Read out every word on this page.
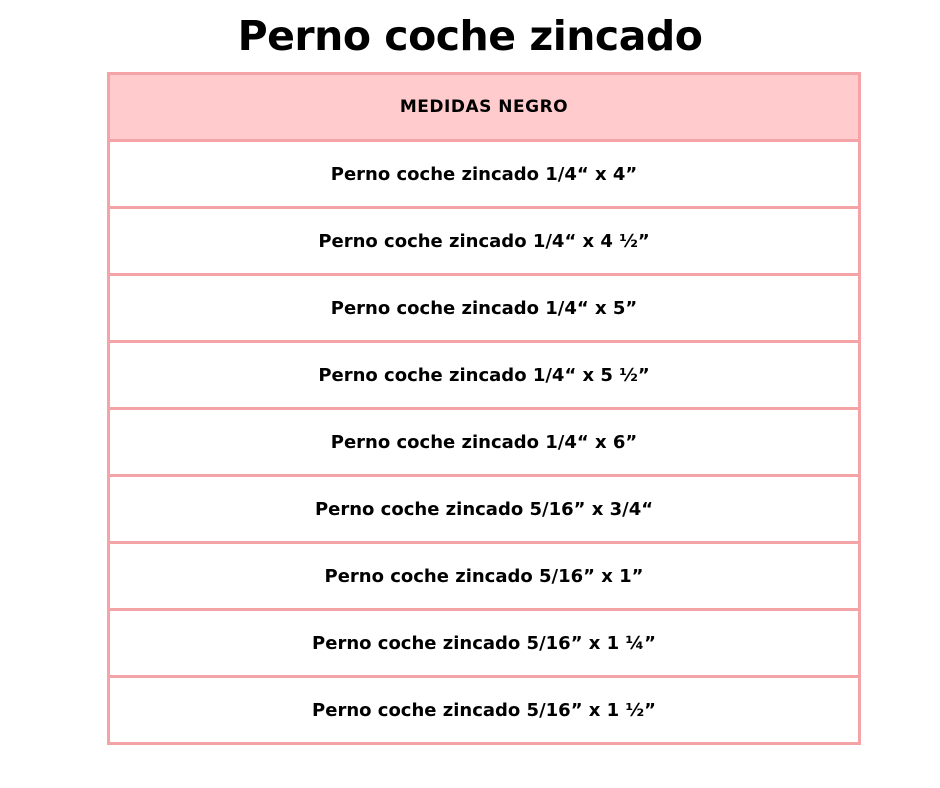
Perno coche zincado
MEDIDAS NEGRO
Perno coche zincado 1/4“ x 4”
Perno coche zincado 1/4“ x 4 ½”
Perno coche zincado 1/4“ x 5”
Perno coche zincado 1/4“ x 5 ½”
Perno coche zincado 1/4“ x 6”
Perno coche zincado 5/16” x 3/4“
Perno coche zincado 5/16” x 1”
Perno coche zincado 5/16” x 1 ¼”
Perno coche zincado 5/16” x 1 ½”
